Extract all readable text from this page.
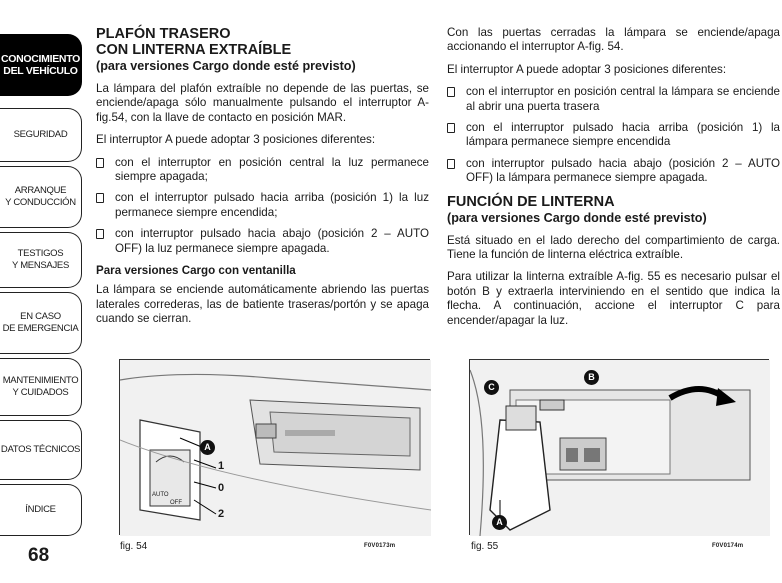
CONOCIMIENTO
DEL VEHÍCULO
SEGURIDAD
ARRANQUE
Y CONDUCCIÓN
TESTIGOS
Y MENSAJES
EN CASO
DE EMERGENCIA
MANTENIMIENTO
Y CUIDADOS
DATOS TÉCNICOS
ÍNDICE
68
PLAFÓN TRASERO
CON LINTERNA EXTRAÍBLE
(para versiones Cargo donde esté previsto)

La lámpara del plafón extraíble no depende de las puertas, se enciende/apaga sólo manualmente pulsando el interruptor A-fig.54, con la llave de contacto en posición MAR.

El interruptor A puede adoptar 3 posiciones diferentes:

con el interruptor en posición central la luz permanece siempre apagada;
con el interruptor pulsado hacia arriba (posición 1) la luz permanece siempre encendida;
con interruptor pulsado hacia abajo (posición 2 – AUTO OFF) la luz permanece siempre apagada.
Para versiones Cargo con ventanilla

La lámpara se enciende automáticamente abriendo las puertas laterales correderas, las de batiente traseras/portón y se apaga cuando se cierran.

A
1
0
2
AUTO
OFF
fig. 54	F0V0173m

Con las puertas cerradas la lámpara se enciende/apaga accionando el interruptor A-fig. 54.

El interruptor A puede adoptar 3 posiciones diferentes:

con el interruptor en posición central la lámpara se enciende al abrir una puerta trasera
con el interruptor pulsado hacia arriba (posición 1) la lámpara permanece siempre encendida
con interruptor pulsado hacia abajo (posición 2 – AUTO OFF) la lámpara permanece siempre apagada.
FUNCIÓN DE LINTERNA
(para versiones Cargo donde esté previsto)

Está situado en el lado derecho del compartimiento de carga. Tiene la función de linterna eléctrica extraíble.

Para utilizar la linterna extraíble A-fig. 55 es necesario pulsar el botón B y extraerla interviniendo en el sentido que indica la flecha. A continuación, accione el interruptor C para encender/apagar la luz.

C
B
A
fig. 55	F0V0174m
